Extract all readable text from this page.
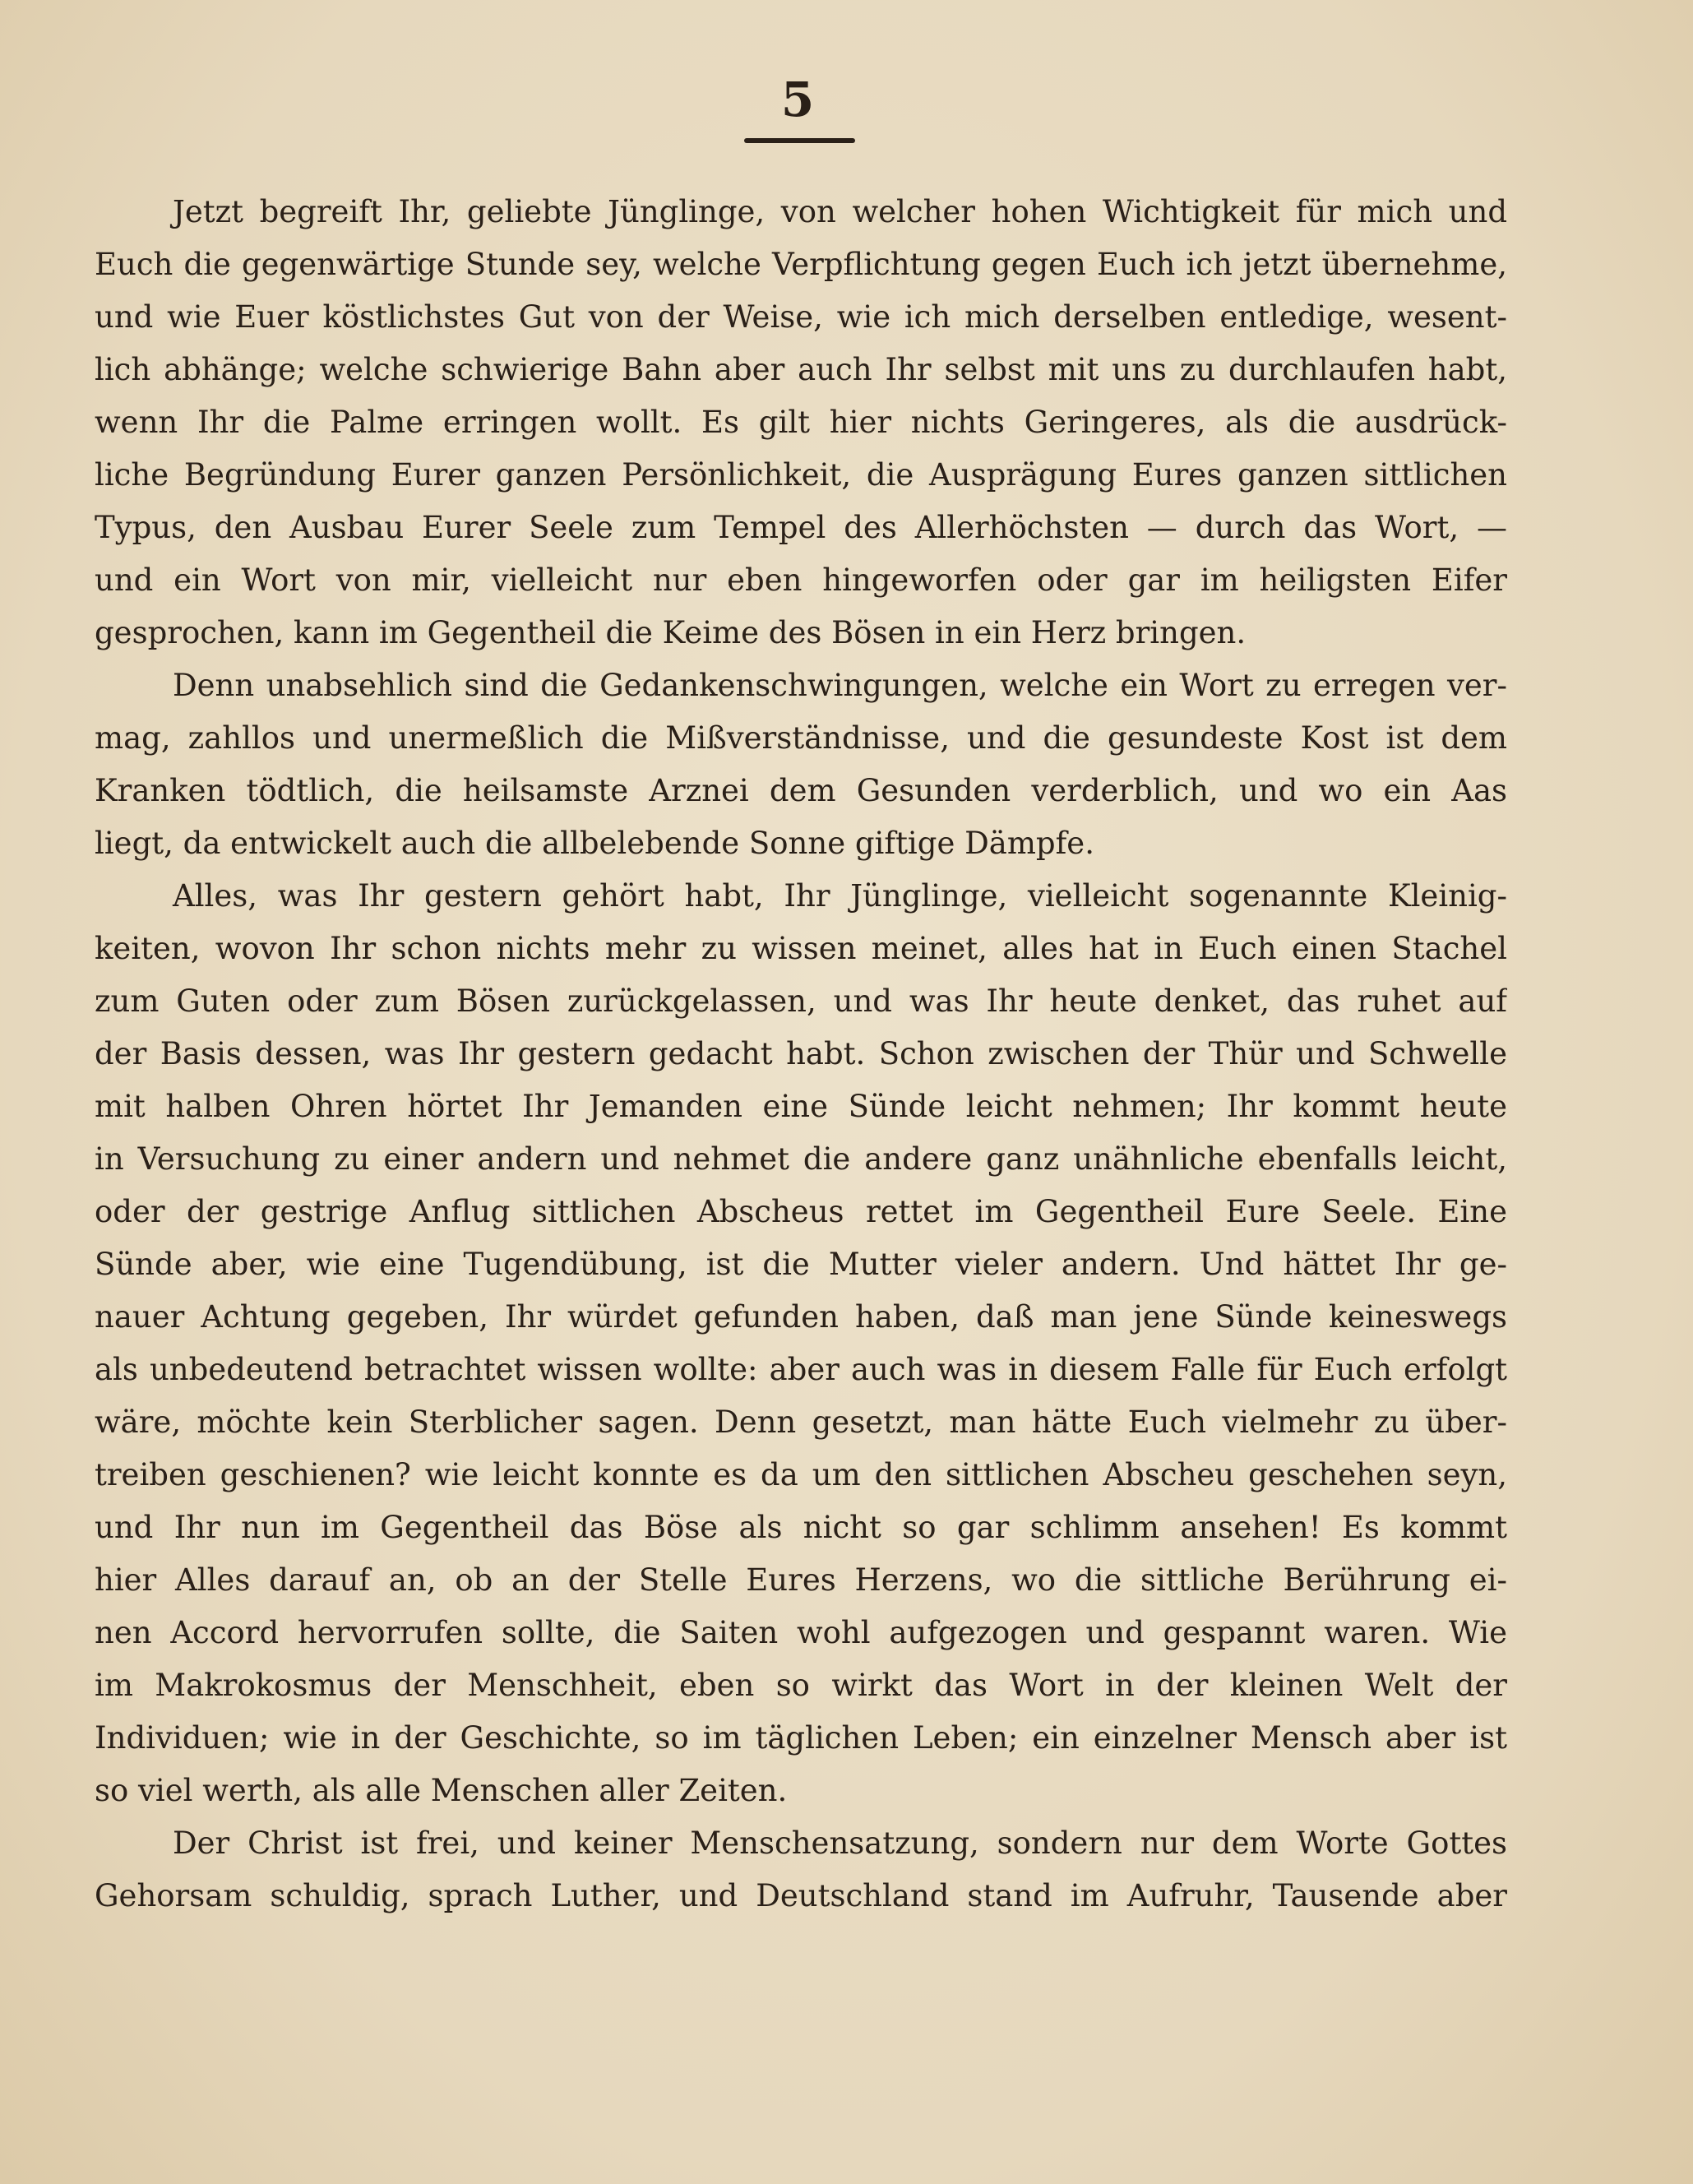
5
Jetzt begreift Ihr, geliebte Jünglinge, von welcher hohen Wichtigkeit für mich und
Euch die gegenwärtige Stunde sey, welche Verpflichtung gegen Euch ich jetzt übernehme,
und wie Euer köstlichstes Gut von der Weise, wie ich mich derselben entledige, wesent-
lich abhänge; welche schwierige Bahn aber auch Ihr selbst mit uns zu durchlaufen habt,
wenn Ihr die Palme erringen wollt. Es gilt hier nichts Geringeres, als die ausdrück-
liche Begründung Eurer ganzen Persönlichkeit, die Ausprägung Eures ganzen sittlichen
Typus, den Ausbau Eurer Seele zum Tempel des Allerhöchsten — durch das Wort, —
und ein Wort von mir, vielleicht nur eben hingeworfen oder gar im heiligsten Eifer
gesprochen, kann im Gegentheil die Keime des Bösen in ein Herz bringen.
Denn unabsehlich sind die Gedankenschwingungen, welche ein Wort zu erregen ver-
mag, zahllos und unermeßlich die Mißverständnisse, und die gesundeste Kost ist dem
Kranken tödtlich, die heilsamste Arznei dem Gesunden verderblich, und wo ein Aas
liegt, da entwickelt auch die allbelebende Sonne giftige Dämpfe.
Alles, was Ihr gestern gehört habt, Ihr Jünglinge, vielleicht sogenannte Kleinig-
keiten, wovon Ihr schon nichts mehr zu wissen meinet, alles hat in Euch einen Stachel
zum Guten oder zum Bösen zurückgelassen, und was Ihr heute denket, das ruhet auf
der Basis dessen, was Ihr gestern gedacht habt. Schon zwischen der Thür und Schwelle
mit halben Ohren hörtet Ihr Jemanden eine Sünde leicht nehmen; Ihr kommt heute
in Versuchung zu einer andern und nehmet die andere ganz unähnliche ebenfalls leicht,
oder der gestrige Anflug sittlichen Abscheus rettet im Gegentheil Eure Seele. Eine
Sünde aber, wie eine Tugendübung, ist die Mutter vieler andern. Und hättet Ihr ge-
nauer Achtung gegeben, Ihr würdet gefunden haben, daß man jene Sünde keineswegs
als unbedeutend betrachtet wissen wollte: aber auch was in diesem Falle für Euch erfolgt
wäre, möchte kein Sterblicher sagen. Denn gesetzt, man hätte Euch vielmehr zu über-
treiben geschienen? wie leicht konnte es da um den sittlichen Abscheu geschehen seyn,
und Ihr nun im Gegentheil das Böse als nicht so gar schlimm ansehen! Es kommt
hier Alles darauf an, ob an der Stelle Eures Herzens, wo die sittliche Berührung ei-
nen Accord hervorrufen sollte, die Saiten wohl aufgezogen und gespannt waren. Wie
im Makrokosmus der Menschheit, eben so wirkt das Wort in der kleinen Welt der
Individuen; wie in der Geschichte, so im täglichen Leben; ein einzelner Mensch aber ist
so viel werth, als alle Menschen aller Zeiten.
Der Christ ist frei, und keiner Menschensatzung, sondern nur dem Worte Gottes
Gehorsam schuldig, sprach Luther, und Deutschland stand im Aufruhr, Tausende aber
